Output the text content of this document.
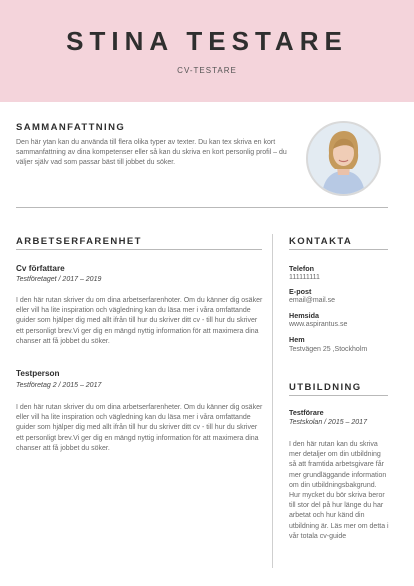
STINA TESTARE
CV-TESTARE
SAMMANFATTNING
Den här ytan kan du använda till flera olika typer av texter. Du kan tex skriva en kort sammanfattning av dina kompetenser eller så kan du skriva en kort personlig profil – du väljer själv vad som passar bäst till jobbet du söker.
ARBETSERFARENHET
Cv författare
Testföretaget / 2017 – 2019
I den här rutan skriver du om dina arbetserfarenhoter. Om du känner dig osäker eller vill ha lite inspiration och vägledning kan du läsa mer i våra omfattande guider som hjälper dig med allt ifrån till hur du skriver ditt cv - till hur du skriver ett personligt brev.Vi ger dig en mängd nyttig information för att maximera dina chanser att få jobbet du söker.
Testperson
Testföretag 2 / 2015 – 2017
I den här rutan skriver du om dina arbetserfarenheter. Om du känner dig osäker eller vill ha lite inspiration och vägledning kan du läsa mer i våra omfattande guider som hjälper dig med allt ifrån till hur du skriver ditt cv - till hur du skriver ett personligt brev.Vi ger dig en mängd nyttig information för att maximera dina chanser att få jobbet du söker.
KONTAKTA
Telefon
111111111
E-post
email@mail.se
Hemsida
www.aspirantus.se
Hem
Testvägen 25 ,Stockholm
UTBILDNING
Testförare
Testskolan / 2015 – 2017
I den här rutan kan du skriva mer detaljer om din utbildning så att framtida arbetsgivare får mer grundläggande information om din utbildningsbakgrund. Hur mycket du bör skriva beror till stor del på hur länge du har arbetat och hur känd din utbildning är. Läs mer om detta i vår totala cv-guide
